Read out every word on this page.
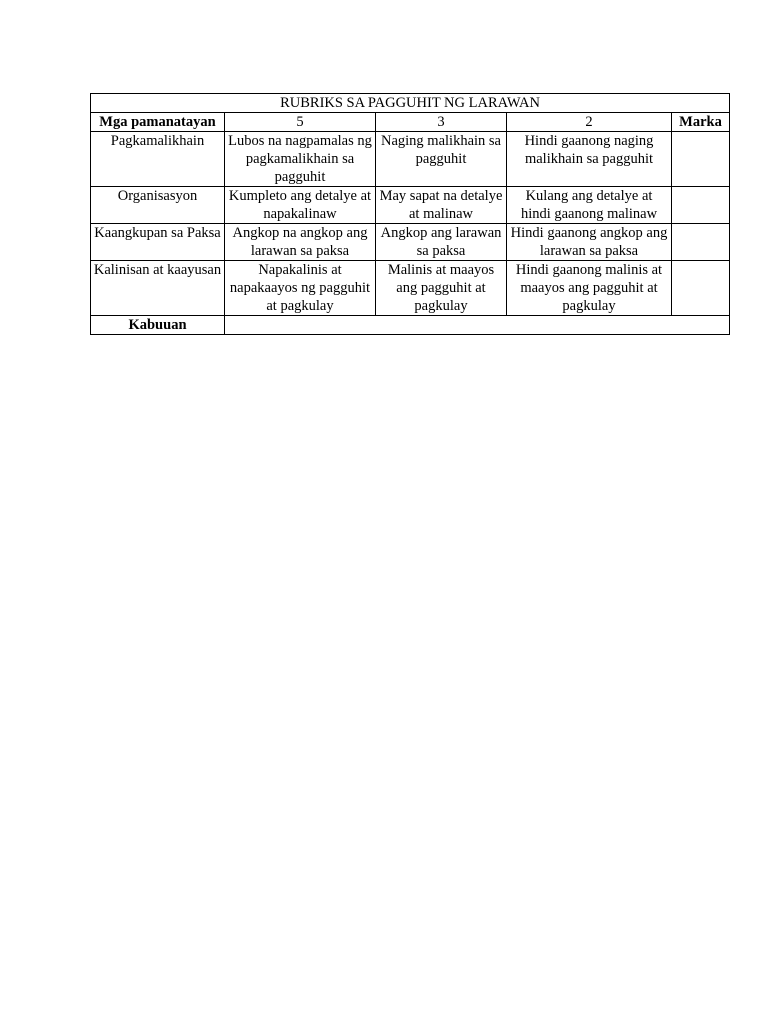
RUBRIKS SA PAGGUHIT NG LARAWAN				
Mga pamanatayan	5	3	2	Marka
Pagkamalikhain	Lubos na nagpamalas ng pagkamalikhain sa pagguhit	Naging malikhain sa pagguhit	Hindi gaanong naging malikhain sa pagguhit	
Organisasyon	Kumpleto ang detalye at napakalinaw	May sapat na detalye at malinaw	Kulang ang detalye at hindi gaanong malinaw	
Kaangkupan sa Paksa	Angkop na angkop ang larawan sa paksa	Angkop ang larawan sa paksa	Hindi gaanong angkop ang larawan sa paksa	
Kalinisan at kaayusan	Napakalinis at napakaayos ng pagguhit at pagkulay	Malinis at maayos ang pagguhit at pagkulay	Hindi gaanong malinis at maayos ang pagguhit at pagkulay	
Kabuuan				
